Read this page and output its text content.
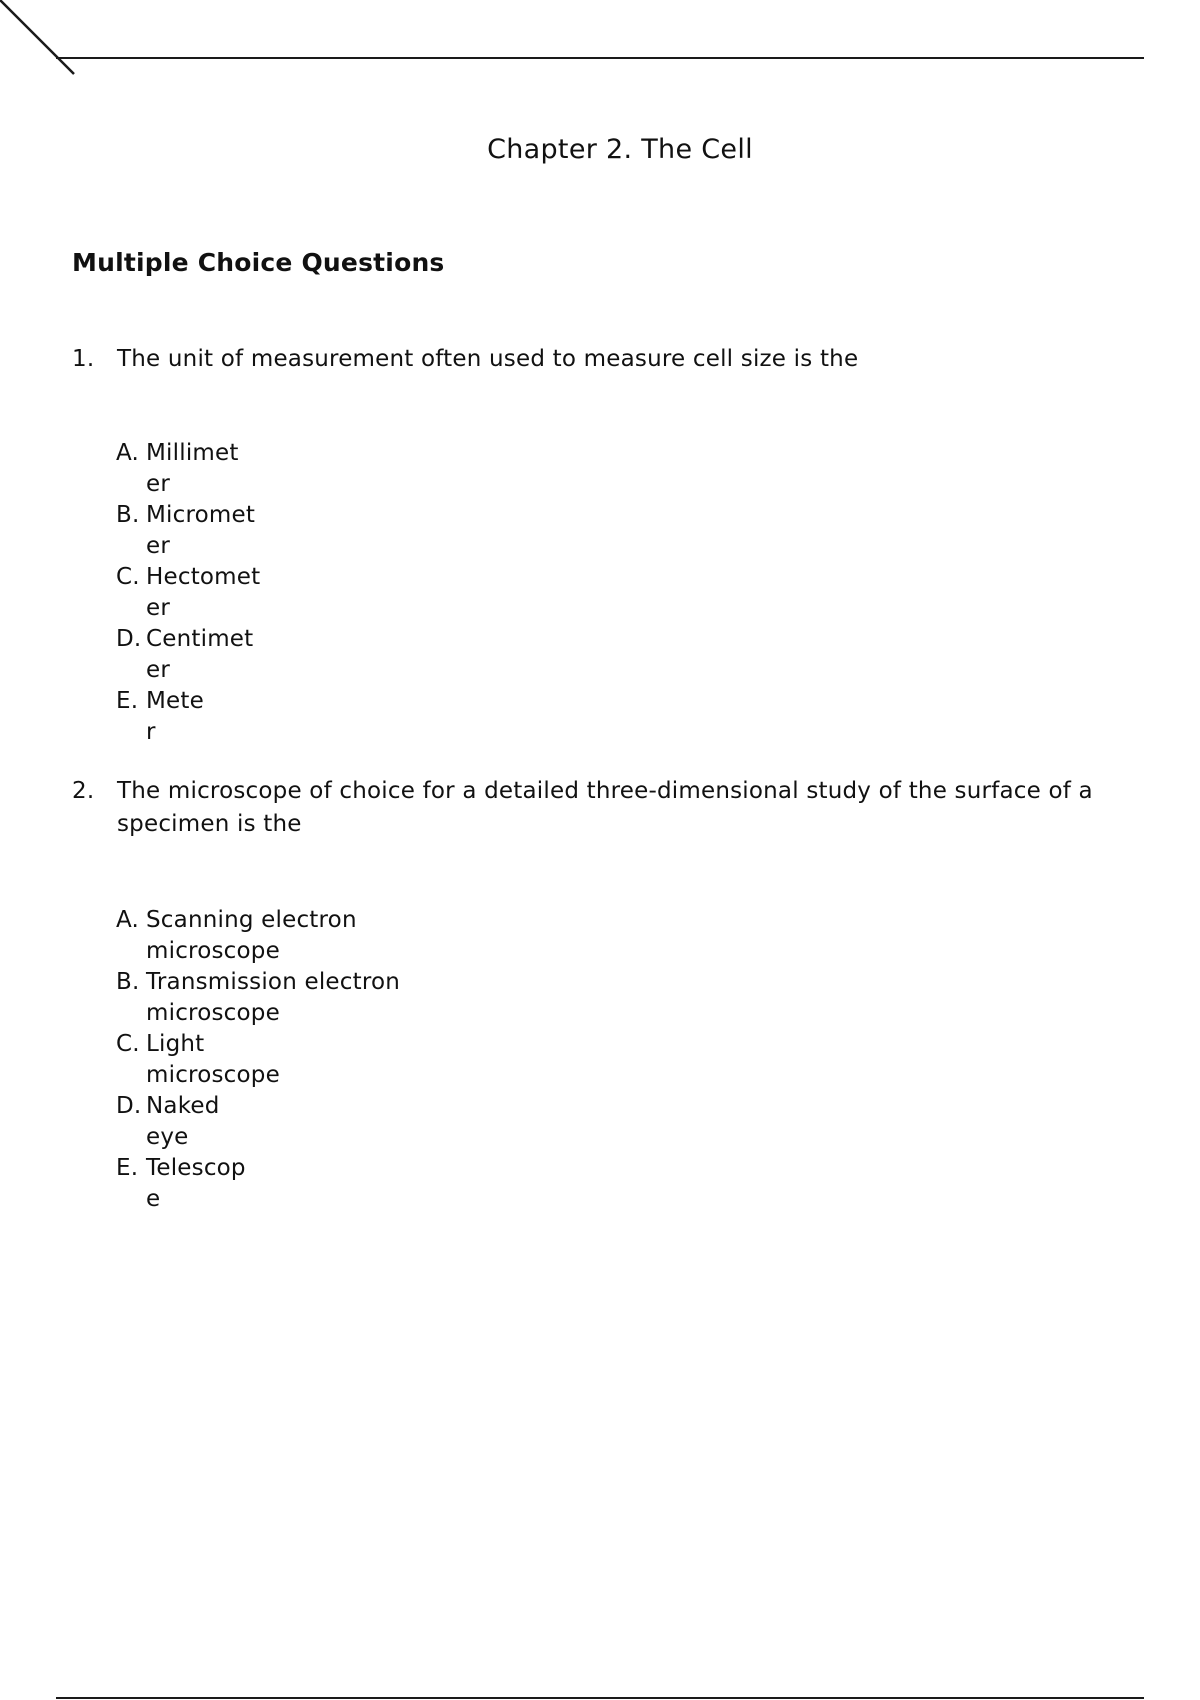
Chapter 2. The Cell
Multiple Choice Questions
1. The unit of measurement often used to measure cell size is the
A. Millimeter
B. Micrometer
C. Hectometer
D. Centimeter
E. Meter
2. The microscope of choice for a detailed three-dimensional study of the surface of a specimen is the
A. Scanning electron microscope
B. Transmission electron microscope
C. Light microscope
D. Naked eye
E. Telescope
